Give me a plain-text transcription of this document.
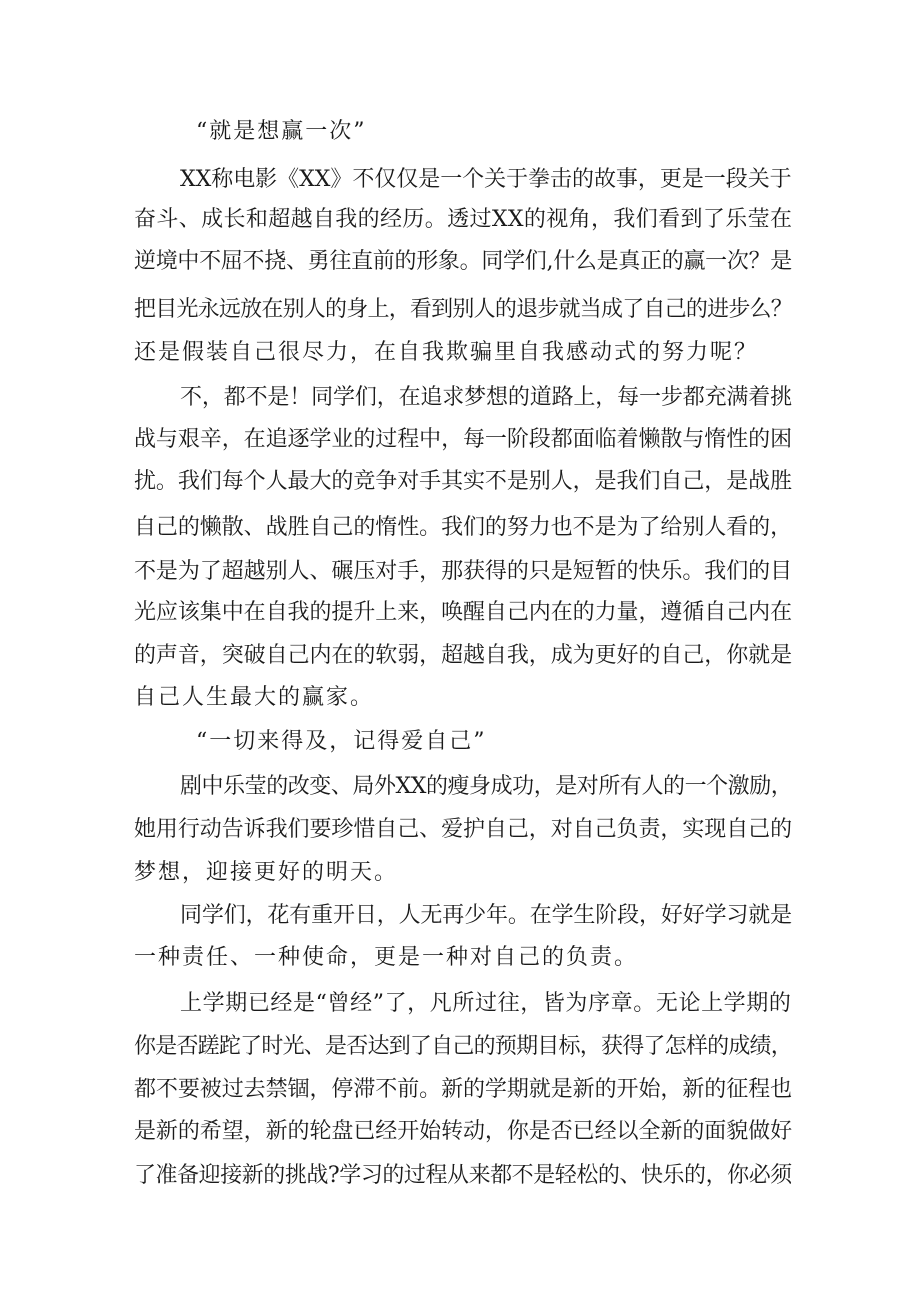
“就是想赢一次”
XX称电影《XX》不仅仅是一个关于拳击的故事，更是一段关于
奋斗、成长和超越自我的经历。透过XX的视角，我们看到了乐莹在
逆境中不屈不挠、勇往直前的形象。同学们,什么是真正的赢一次？是
把目光永远放在别人的身上，看到别人的退步就当成了自己的进步么？
还是假装自己很尽力，在自我欺骗里自我感动式的努力呢？
不，都不是！同学们，在追求梦想的道路上，每一步都充满着挑
战与艰辛，在追逐学业的过程中，每一阶段都面临着懒散与惰性的困
扰。我们每个人最大的竞争对手其实不是别人，是我们自己，是战胜
自己的懒散、战胜自己的惰性。我们的努力也不是为了给别人看的，
不是为了超越别人、碾压对手，那获得的只是短暂的快乐。我们的目
光应该集中在自我的提升上来，唤醒自己内在的力量，遵循自己内在
的声音，突破自己内在的软弱，超越自我，成为更好的自己，你就是
自己人生最大的赢家。
“一切来得及，记得爱自己”
剧中乐莹的改变、局外XX的瘦身成功，是对所有人的一个激励，
她用行动告诉我们要珍惜自己、爱护自己，对自己负责，实现自己的
梦想，迎接更好的明天。
同学们，花有重开日，人无再少年。在学生阶段，好好学习就是
一种责任、一种使命，更是一种对自己的负责。
上学期已经是“曾经”了，凡所过往，皆为序章。无论上学期的
你是否蹉跎了时光、是否达到了自己的预期目标，获得了怎样的成绩，
都不要被过去禁锢，停滞不前。新的学期就是新的开始，新的征程也
是新的希望，新的轮盘已经开始转动，你是否已经以全新的面貌做好
了准备迎接新的挑战?学习的过程从来都不是轻松的、快乐的，你必须
